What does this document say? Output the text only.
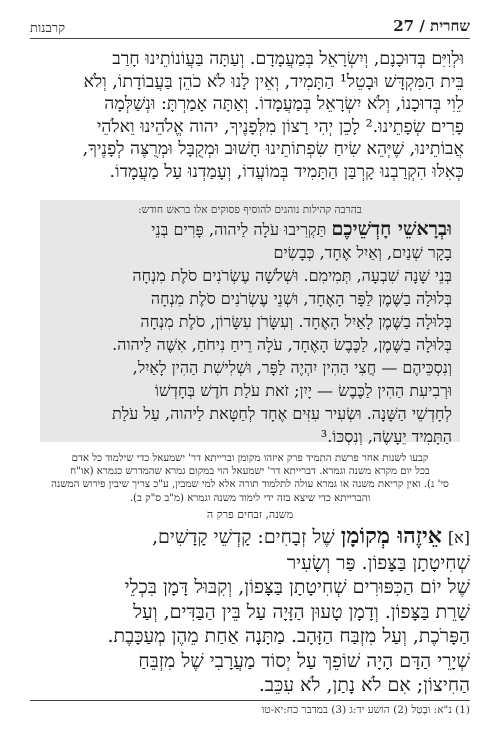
שחרית / 27
קרבנות
וּלְוִיִּם בְּדוּכָנָם, וְיִשְׂרָאֵל בְּמַעֲמָדָם. וְעַתָּה בַּעֲוֹנוֹתֵינוּ חָרַב
בֵּית הַמִּקְדָּשׁ וּבָטֵל¹ הַתָּמִיד, וְאֵין לָנוּ לֹא כֹהֵן בַּעֲבוֹדָתוֹ, וְלֹא
לֵוִי בְּדוּכָנוֹ, וְלֹא יִשְׂרָאֵל בְּמַעֲמָדוֹ. וְאַתָּה אָמַרְתָּ: וּנְשַׁלְּמָה
פָרִים שְׂפָתֵינוּ.² לָכֵן יְהִי רָצוֹן מִלְּפָנֶיךָ, יהוה אֱלֹהֵינוּ וֵאלֹהֵי
אֲבוֹתֵינוּ, שֶׁיְּהֵא שִׂיחַ שִׂפְתוֹתֵינוּ חָשׁוּב וּמְקֻבָּל וּמְרֻצֶּה לְפָנֶיךָ,
כְּאִלּוּ הִקְרַבְנוּ קָרְבַּן הַתָּמִיד בְּמוֹעֲדוֹ, וְעָמַדְנוּ עַל מַעֲמָדוֹ.
בהרבה קהילות נוהגים להוסיף פסוקים אלו בראש חודש:
וּבְרָאשֵׁי חָדְשֵׁיכֶם תַּקְרִיבוּ עֹלָה לַיהוה, פָּרִים בְּנֵי
בָקָר שְׁנַיִם, וְאַיִל אֶחָד, כְּבָשִׂים
בְּנֵי שָׁנָה שִׁבְעָה, תְּמִימִם. וּשְׁלֹשָׁה עֶשְׂרֹנִים סֹלֶת מִנְחָה
בְּלוּלָה בַשֶּׁמֶן לַפָּר הָאֶחָד, וּשְׁנֵי עֶשְׂרֹנִים סֹלֶת מִנְחָה
בְּלוּלָה בַשֶּׁמֶן לָאַיִל הָאֶחָד. וְעִשָּׂרֹן עִשָּׂרוֹן, סֹלֶת מִנְחָה
בְּלוּלָה בַשֶּׁמֶן, לַכֶּבֶשׂ הָאֶחָד, עֹלָה רֵיחַ נִיחֹחַ, אִשֶּׁה לַיהוה.
וְנִסְכֵּיהֶם — חֲצִי הַהִין יִהְיֶה לַפָּר, וּשְׁלִישִׁת הַהִין לָאַיִל,
וּרְבִיעִת הַהִין לַכֶּבֶשׂ — יָיִן; זֹאת עֹלַת חֹדֶשׁ בְּחָדְשׁוֹ
לְחָדְשֵׁי הַשָּׁנָה. וּשְׂעִיר עִזִּים אֶחָד לְחַטָּאת לַיהוה, עַל עֹלַת
הַתָּמִיד יֵעָשֶׂה, וְנִסְכּוֹ.³
קבעו לשנות אחר פרשת התמיד פרק איזהו מקומן וברייתא דר' ישמעאל כדי שילמוד כל אדם
בכל יום מקרא משנה וגמרא. דברייתא דר' ישמעאל הוי במקום גמרא שהמדרש כגמרא (או"ח
סי' נ). ואין קריאת משנה או גמרא עולה לתלמוד תורה אלא למי שמבין, ע"כ צריך שיבין פירוש המשנה
והברייתא כדי שיצא בזה ידי לימוד משנה וגמרא (מ"ב ס"ק ב).
משנה, זבחים פרק ה
[א] אֵיזֶהוּ מְקוֹמָן שֶׁל זְבָחִים: קָדְשֵׁי קָדָשִׁים,
שְׁחִיטָתָן בַּצָּפוֹן. פַּר וְשָׂעִיר
שֶׁל יוֹם הַכִּפּוּרִים שְׁחִיטָתָן בַּצָּפוֹן, וְקִבּוּל דָּמָן בִּכְלֵי
שָׁרֵת בַּצָּפוֹן. וְדָמָן טָעוּן הַזָּיָה עַל בֵּין הַבַּדִּים, וְעַל
הַפָּרֹכֶת, וְעַל מִזְבַּח הַזָּהָב. מַתָּנָה אַחַת מֵהֶן מְעַכָּבֶת.
שְׁיָרֵי הַדָּם הָיָה שׁוֹפֵךְ עַל יְסוֹד מַעֲרָבִי שֶׁל מִזְבֵּחַ
הַחִיצוֹן; אִם לֹא נָתַן, לֹא עִכֵּב.
(1) נ"א: וּבָטַל (2) הושע יד:ג (3) במדבר כח:יא-טו
